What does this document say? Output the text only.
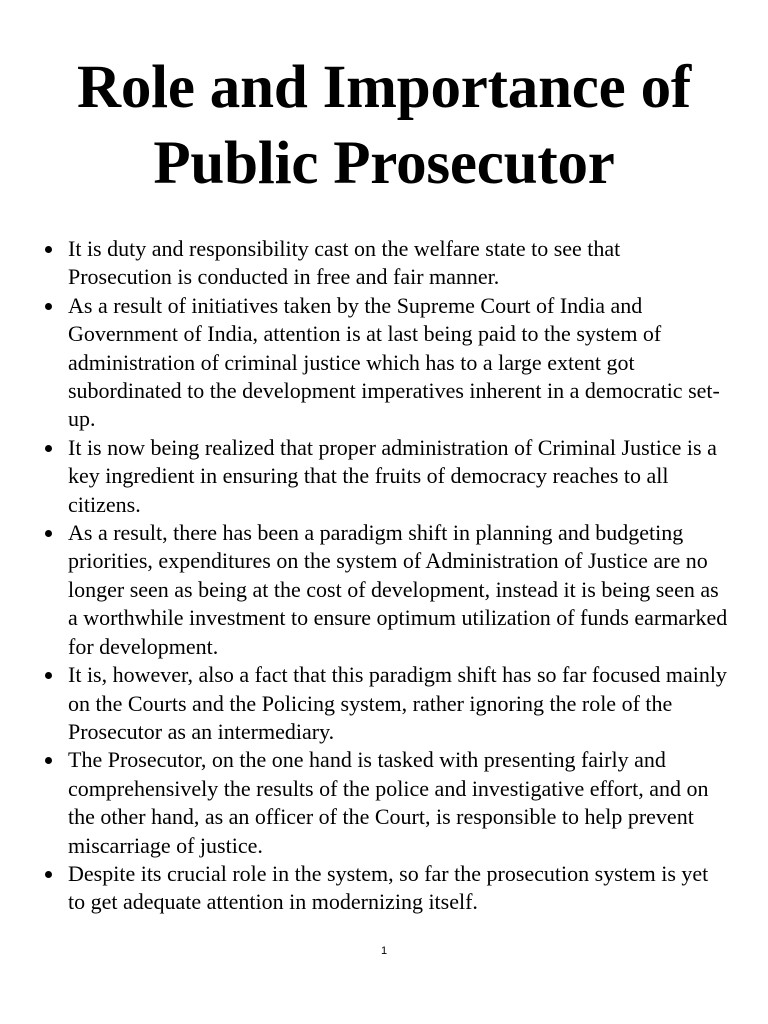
Role and Importance of
Public Prosecutor
It is duty and responsibility cast on the welfare state to see that Prosecution is conducted in free and fair manner.
As a result of initiatives taken by the Supreme Court of India and Government of India, attention is at last being paid to the system of administration of criminal justice which has to a large extent got subordinated to the development imperatives inherent in a democratic set-up.
It is now being realized that proper administration of Criminal Justice is a key ingredient in ensuring that the fruits of democracy reaches to all citizens.
As a result, there has been a paradigm shift in planning and budgeting priorities, expenditures on the system of Administration of Justice are no longer seen as being at the cost of development, instead it is being seen as a worthwhile investment to ensure optimum utilization of funds earmarked for development.
It is, however, also a fact that this paradigm shift has so far focused mainly on the Courts and the Policing system, rather ignoring the role of the Prosecutor as an intermediary.
The Prosecutor, on the one hand is tasked with presenting fairly and comprehensively the results of the police and investigative effort, and on the other hand, as an officer of the Court, is responsible to help prevent miscarriage of justice.
Despite its crucial role in the system, so far the prosecution system is yet to get adequate attention in modernizing itself.
1
